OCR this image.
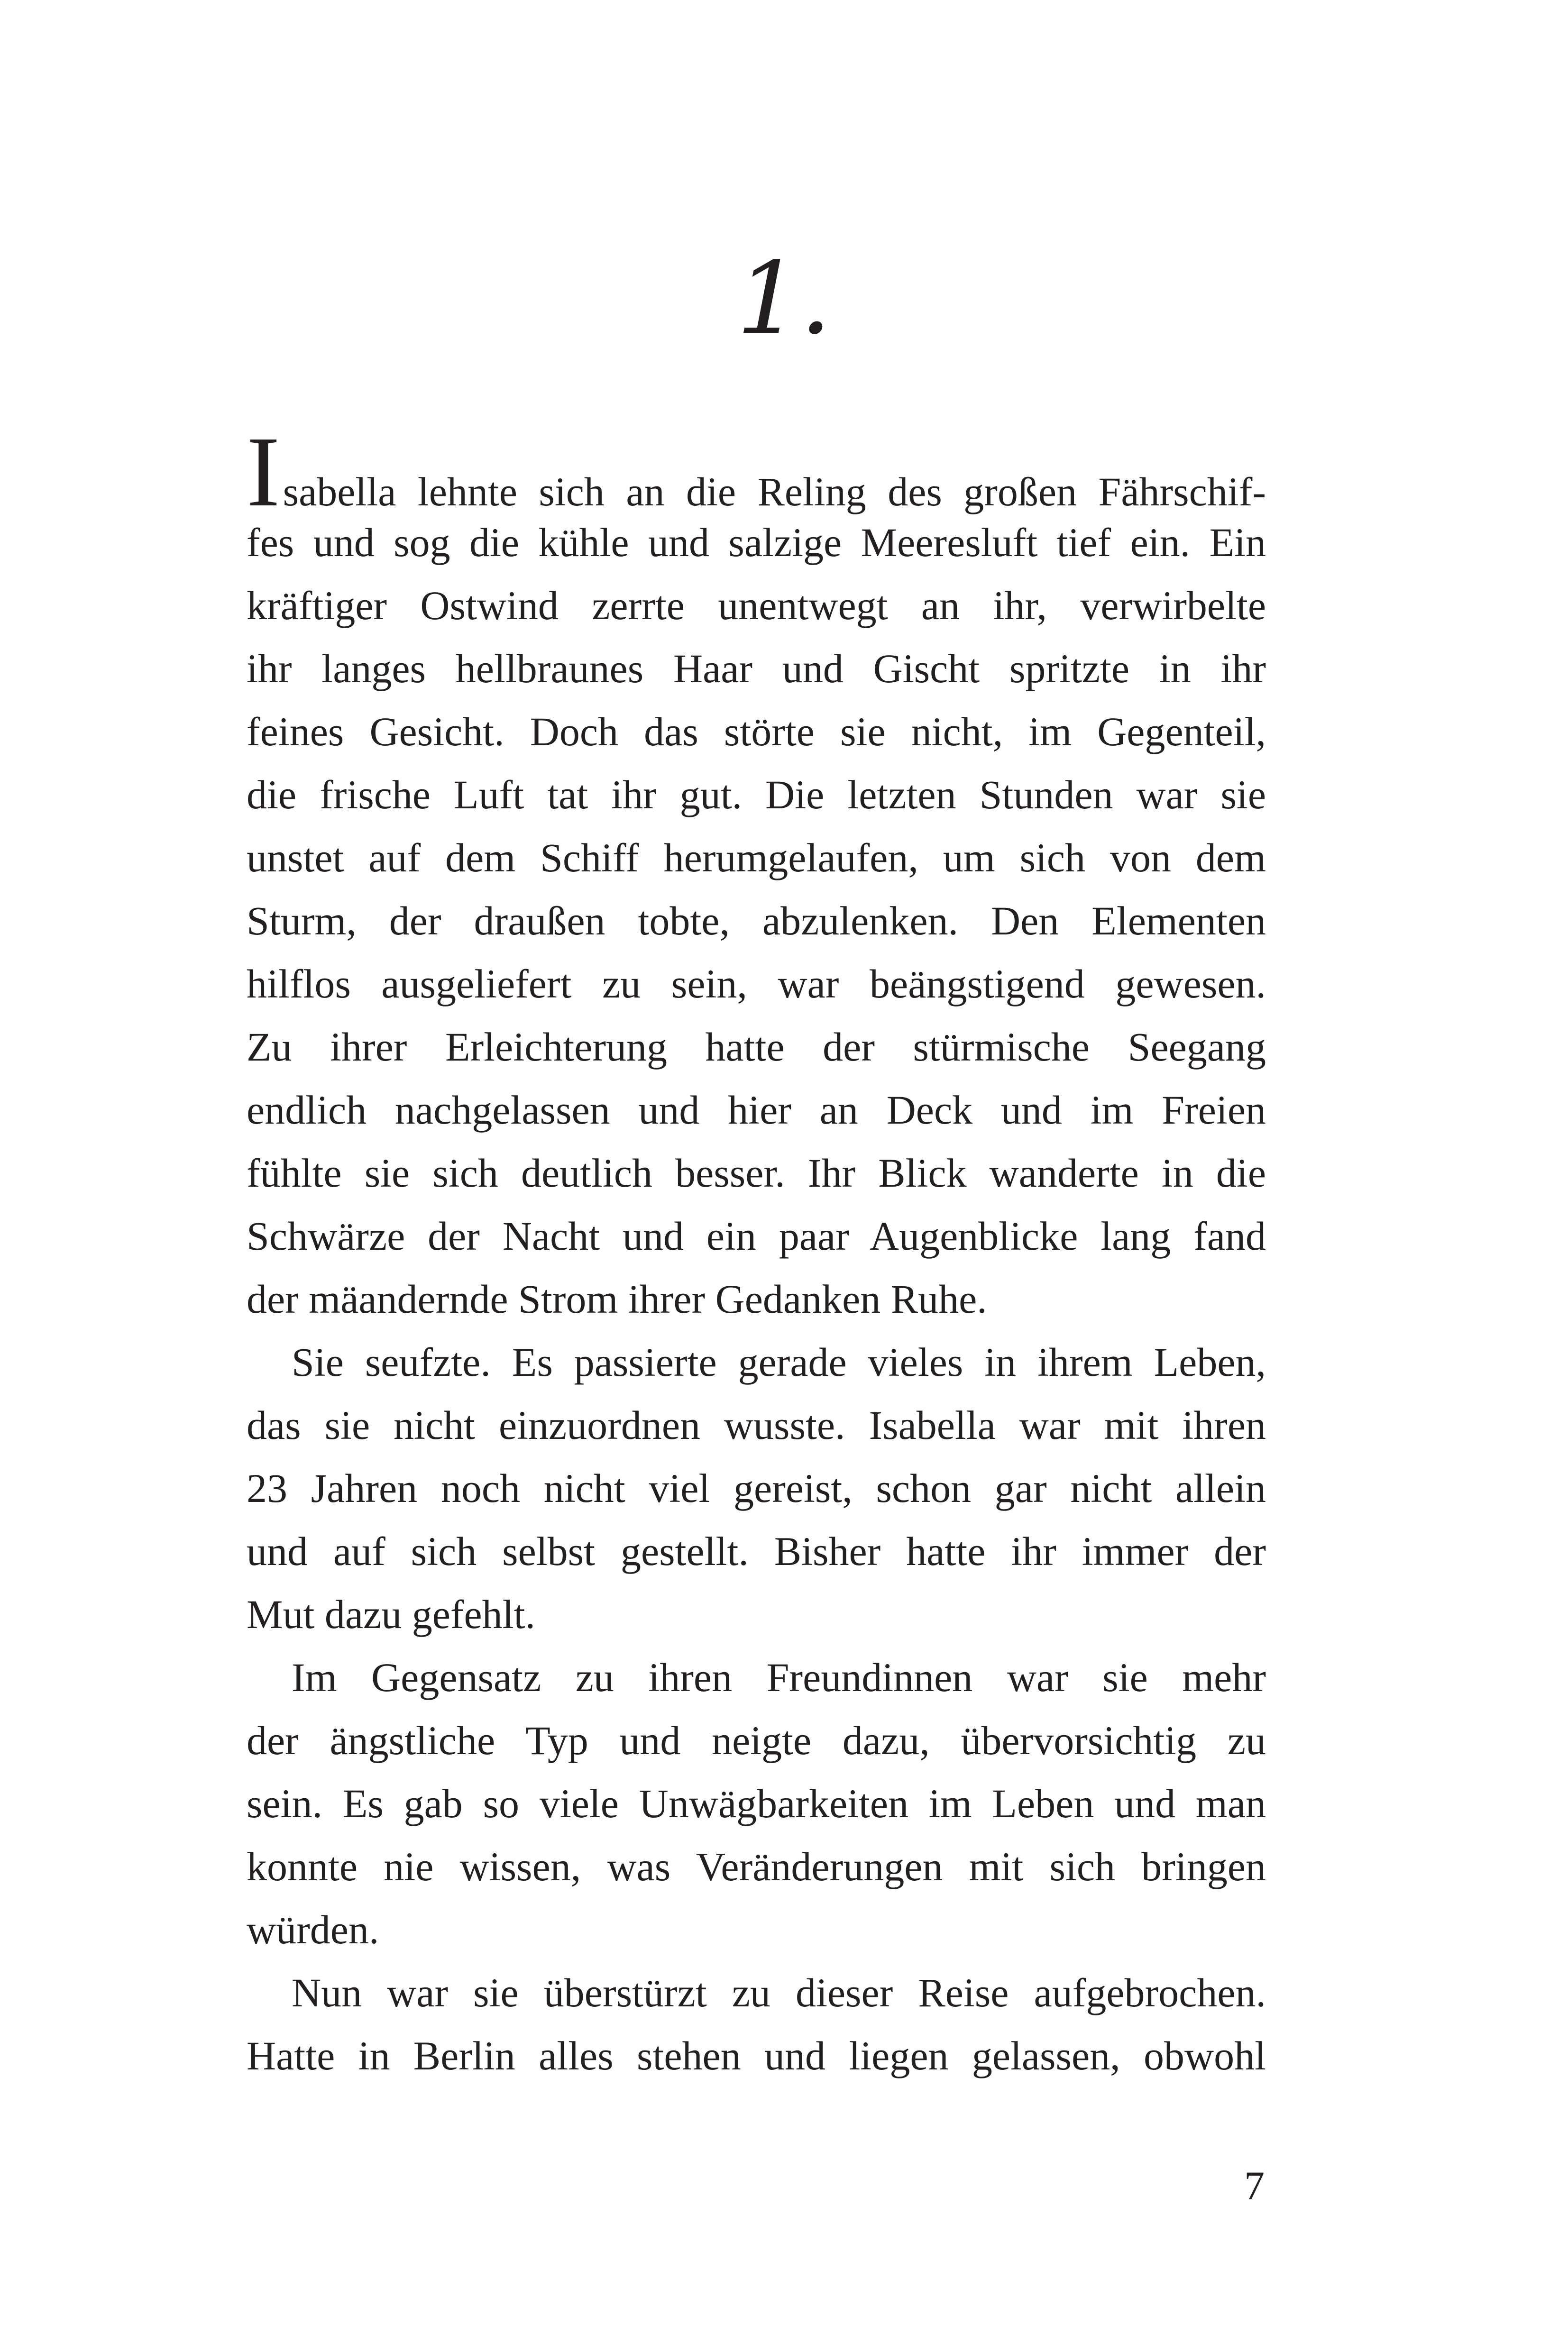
1.
Isabella lehnte sich an die Reling des großen Fährschif-
fes und sog die kühle und salzige Meeresluft tief ein. Ein
kräftiger Ostwind zerrte unentwegt an ihr, verwirbelte
ihr langes hellbraunes Haar und Gischt spritzte in ihr
feines Gesicht. Doch das störte sie nicht, im Gegenteil,
die frische Luft tat ihr gut. Die letzten Stunden war sie
unstet auf dem Schiff herumgelaufen, um sich von dem
Sturm, der draußen tobte, abzulenken. Den Elementen
hilflos ausgeliefert zu sein, war beängstigend gewesen.
Zu ihrer Erleichterung hatte der stürmische Seegang
endlich nachgelassen und hier an Deck und im Freien
fühlte sie sich deutlich besser. Ihr Blick wanderte in die
Schwärze der Nacht und ein paar Augenblicke lang fand
der mäandernde Strom ihrer Gedanken Ruhe.
Sie seufzte. Es passierte gerade vieles in ihrem Leben,
das sie nicht einzuordnen wusste. Isabella war mit ihren
23 Jahren noch nicht viel gereist, schon gar nicht allein
und auf sich selbst gestellt. Bisher hatte ihr immer der
Mut dazu gefehlt.
Im Gegensatz zu ihren Freundinnen war sie mehr
der ängstliche Typ und neigte dazu, übervorsichtig zu
sein. Es gab so viele Unwägbarkeiten im Leben und man
konnte nie wissen, was Veränderungen mit sich bringen
würden.
Nun war sie überstürzt zu dieser Reise aufgebrochen.
Hatte in Berlin alles stehen und liegen gelassen, obwohl
7
